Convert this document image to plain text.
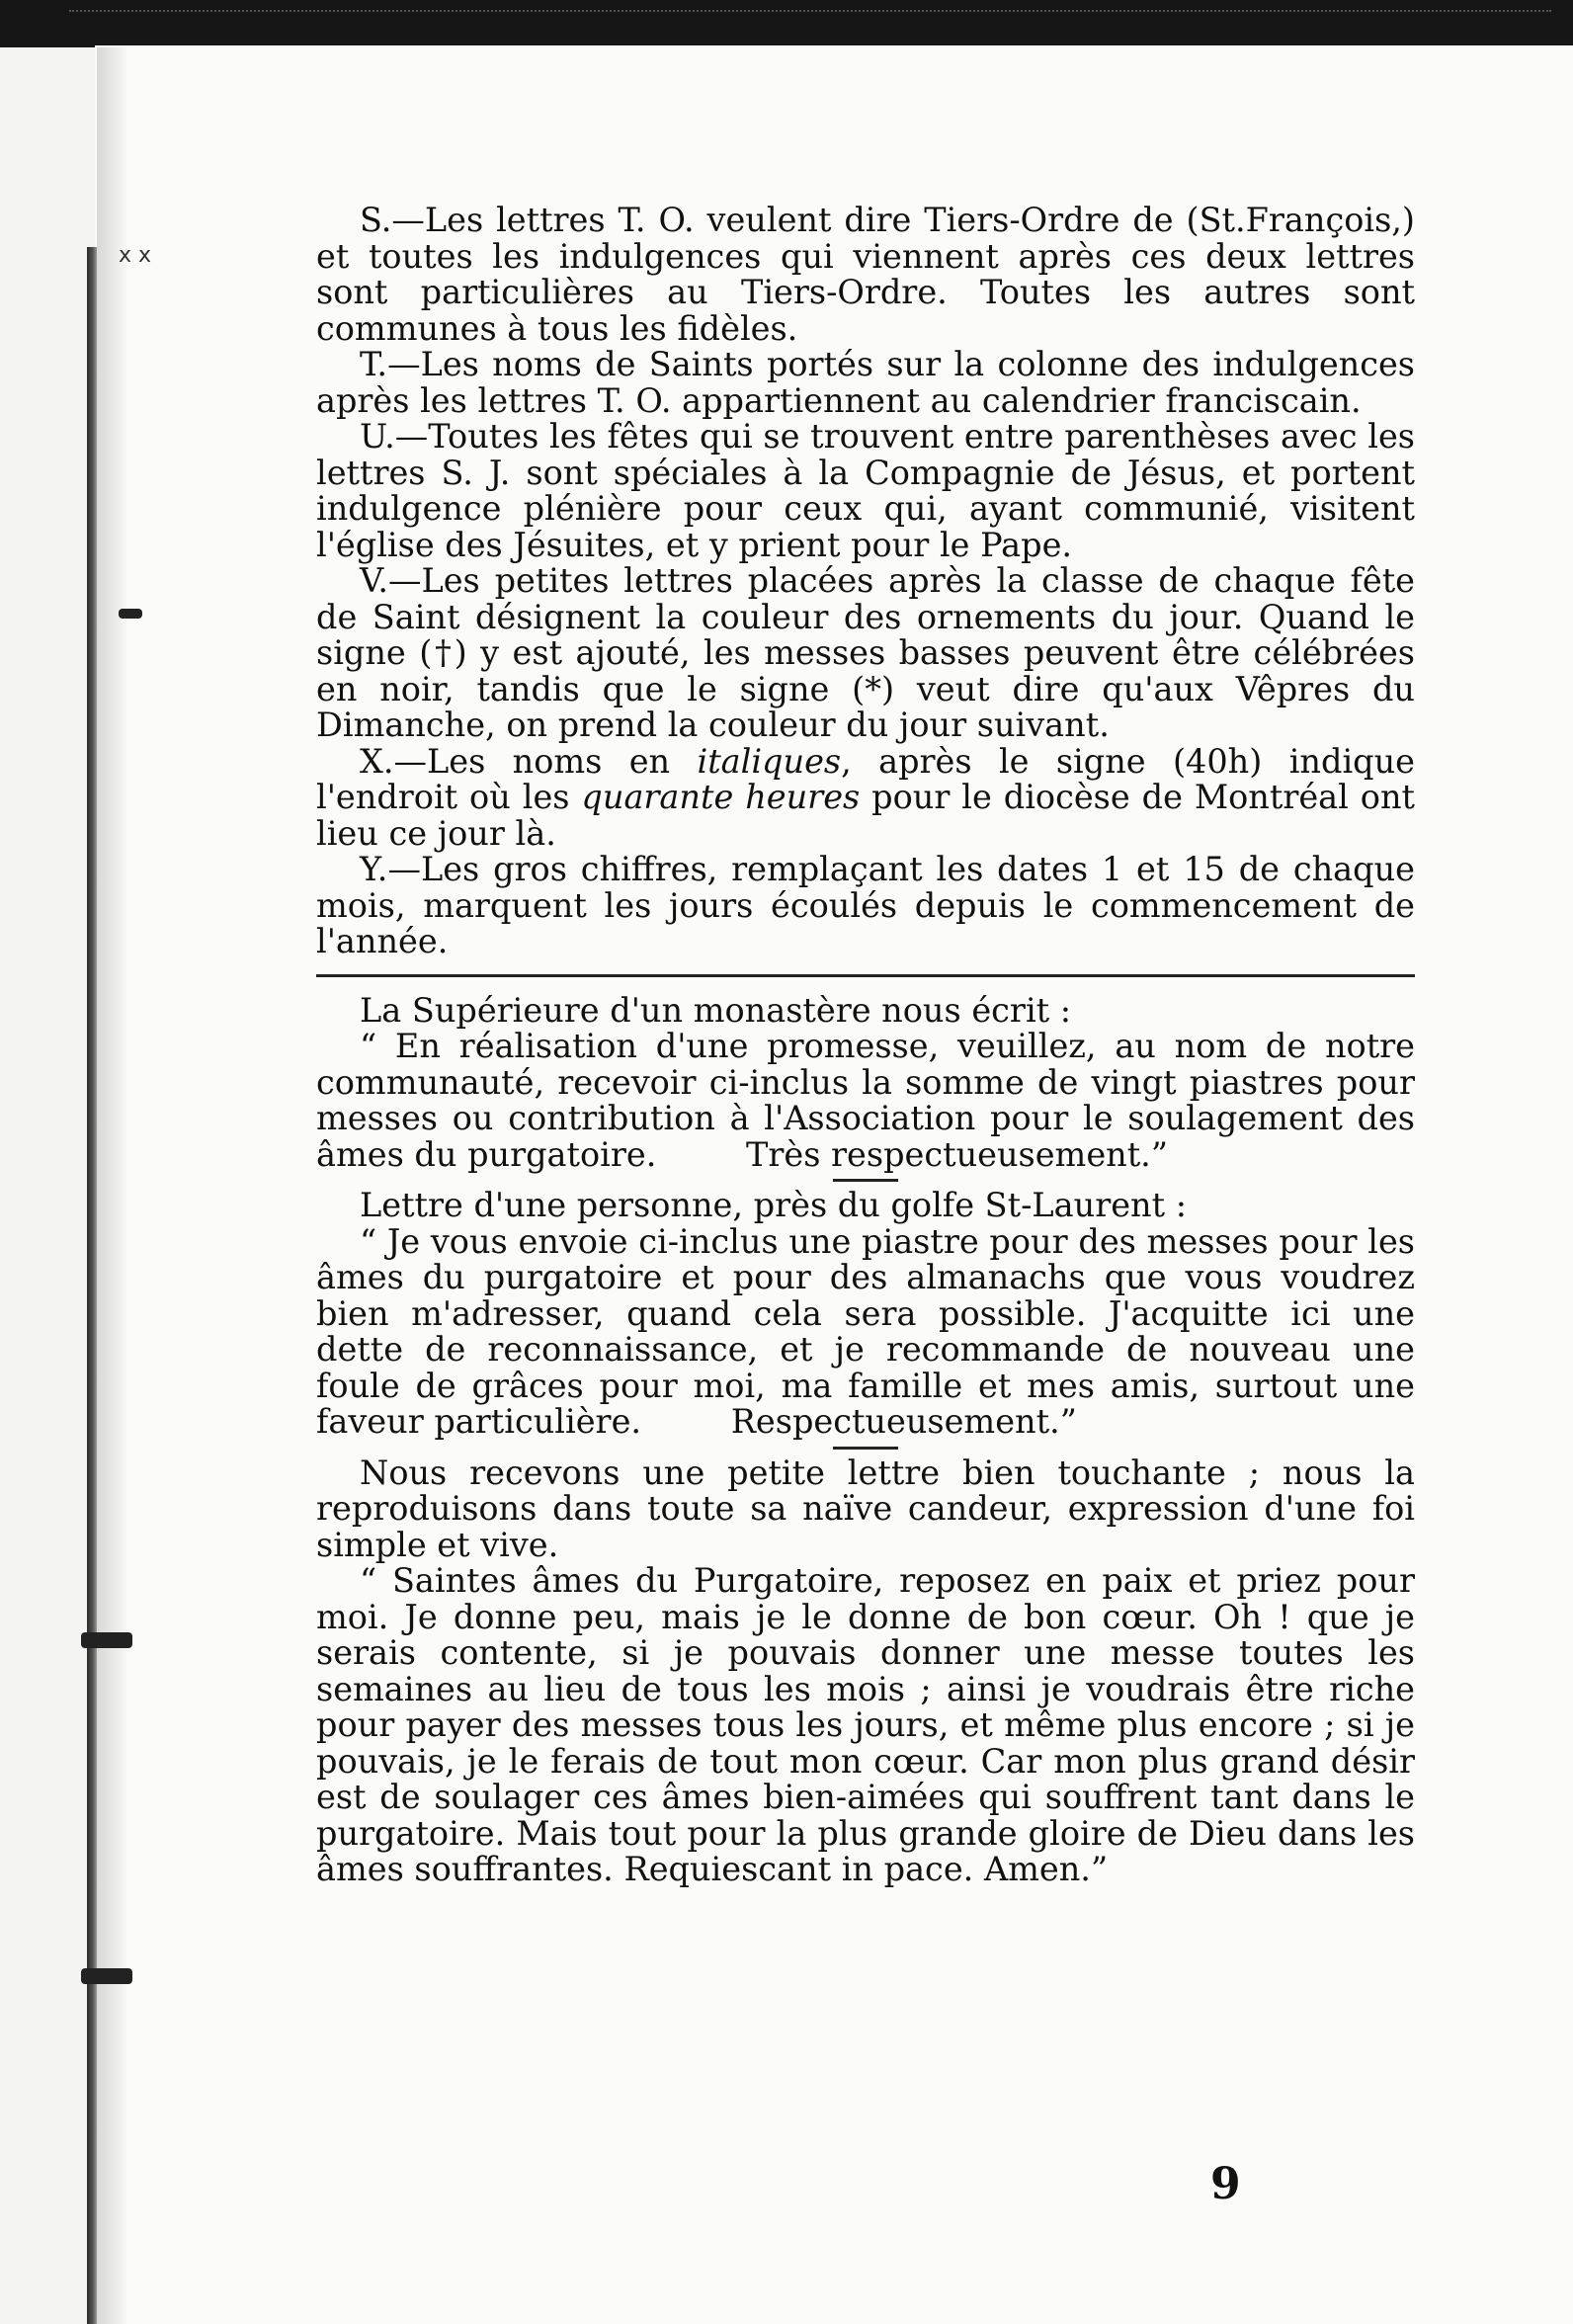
x x

S.—Les lettres T. O. veulent dire Tiers-Ordre de (St.François,) et toutes les indulgences qui viennent après ces deux lettres sont particulières au Tiers-Ordre. Toutes les autres sont communes à tous les fidèles.

T.—Les noms de Saints portés sur la colonne des indulgences après les lettres T. O. appartiennent au calendrier franciscain.

U.—Toutes les fêtes qui se trouvent entre parenthèses avec les lettres S. J. sont spéciales à la Compagnie de Jésus, et portent indulgence plénière pour ceux qui, ayant communié, visitent l'église des Jésuites, et y prient pour le Pape.

V.—Les petites lettres placées après la classe de chaque fête de Saint désignent la couleur des ornements du jour. Quand le signe (†) y est ajouté, les messes basses peuvent être célébrées en noir, tandis que le signe (*) veut dire qu'aux Vêpres du Dimanche, on prend la couleur du jour suivant.

X.—Les noms en italiques, après le signe (40h) indique l'endroit où les quarante heures pour le diocèse de Montréal ont lieu ce jour là.

Y.—Les gros chiffres, remplaçant les dates 1 et 15 de chaque mois, marquent les jours écoulés depuis le commencement de l'année.

La Supérieure d'un monastère nous écrit :

“ En réalisation d'une promesse, veuillez, au nom de notre communauté, recevoir ci-inclus la somme de vingt piastres pour messes ou contribution à l'Association pour le soulagement des âmes du purgatoire.	Très respectueusement.”

Lettre d'une personne, près du golfe St-Laurent :

“ Je vous envoie ci-inclus une piastre pour des messes pour les âmes du purgatoire et pour des almanachs que vous voudrez bien m'adresser, quand cela sera possible. J'acquitte ici une dette de reconnaissance, et je recommande de nouveau une foule de grâces pour moi, ma famille et mes amis, surtout une faveur particulière.	Respectueusement.”

Nous recevons une petite lettre bien touchante ; nous la reproduisons dans toute sa naïve candeur, expression d'une foi simple et vive.

“ Saintes âmes du Purgatoire, reposez en paix et priez pour moi. Je donne peu, mais je le donne de bon cœur. Oh ! que je serais contente, si je pouvais donner une messe toutes les semaines au lieu de tous les mois ; ainsi je voudrais être riche pour payer des messes tous les jours, et même plus encore ; si je pouvais, je le ferais de tout mon cœur. Car mon plus grand désir est de soulager ces âmes bien-aimées qui souffrent tant dans le purgatoire. Mais tout pour la plus grande gloire de Dieu dans les âmes souffrantes. Requiescant in pace. Amen.”

9
